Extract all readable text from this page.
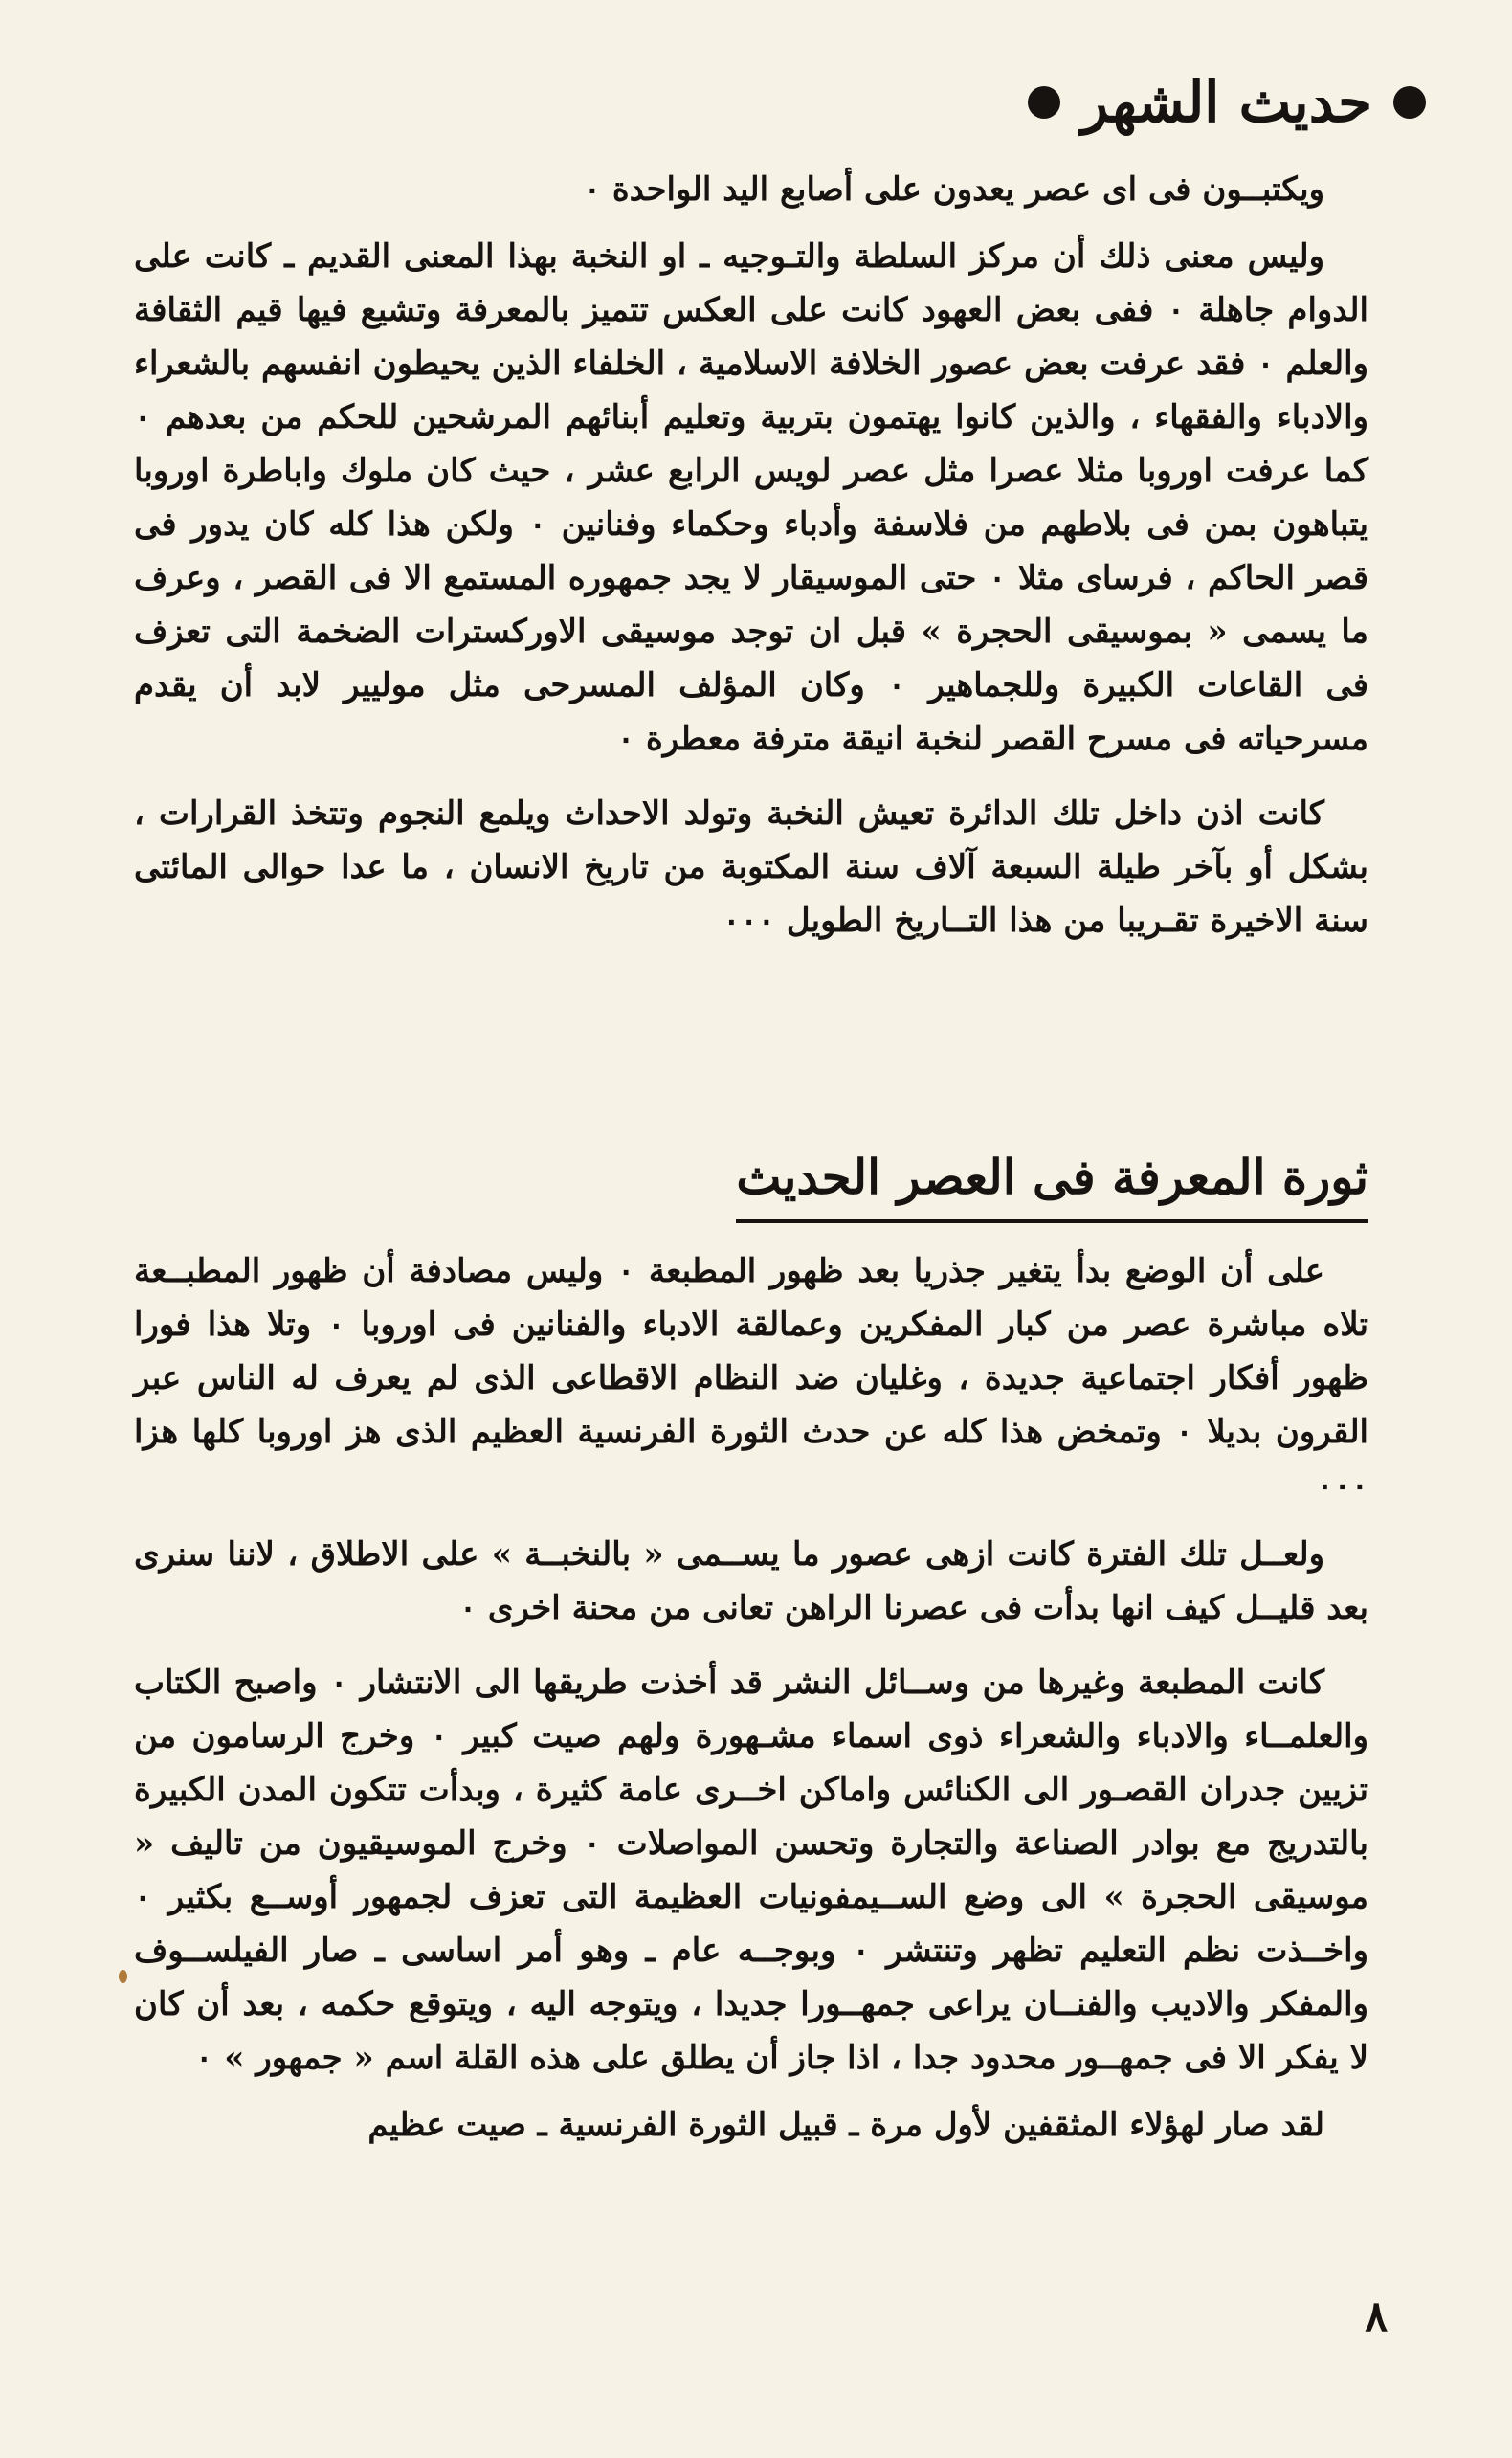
حديث الشهر

ويكتبــون فى اى عصر يعدون على أصابع اليد الواحدة ٠

وليس معنى ذلك أن مركز السلطة والتـوجيه ـ او النخبة بهذا المعنى القديم ـ كانت على الدوام جاهلة ٠ ففى بعض العهود كانت على العكس تتميز بالمعرفة وتشيع فيها قيم الثقافة والعلم ٠ فقد عرفت بعض عصور الخلافة الاسلامية ، الخلفاء الذين يحيطون انفسهم بالشعراء والادباء والفقهاء ، والذين كانوا يهتمون بتربية وتعليم أبنائهم المرشحين للحكم من بعدهم ٠ كما عرفت اوروبا مثلا عصرا مثل عصر لويس الرابع عشر ، حيث كان ملوك واباطرة اوروبا يتباهون بمن فى بلاطهم من فلاسفة وأدباء وحكماء وفنانين ٠ ولكن هذا كله كان يدور فى قصر الحاكم ، فرساى مثلا ٠ حتى الموسيقار لا يجد جمهوره المستمع الا فى القصر ، وعرف ما يسمى « بموسيقى الحجرة » قبل ان توجد موسيقى الاوركسترات الضخمة التى تعزف فى القاعات الكبيرة وللجماهير ٠ وكان المؤلف المسرحى مثل موليير لابد أن يقدم مسرحياته فى مسرح القصر لنخبة انيقة مترفة معطرة ٠

كانت اذن داخل تلك الدائرة تعيش النخبة وتولد الاحداث ويلمع النجوم وتتخذ القرارات ، بشكل أو بآخر طيلة السبعة آلاف سنة المكتوبة من تاريخ الانسان ، ما عدا حوالى المائتى سنة الاخيرة تقـريبا من هذا التــاريخ الطويل ٠٠٠

ثورة المعرفة فى العصر الحديث

على أن الوضع بدأ يتغير جذريا بعد ظهور المطبعة ٠ وليس مصادفة أن ظهور المطبــعة تلاه مباشرة عصر من كبار المفكرين وعمالقة الادباء والفنانين فى اوروبا ٠ وتلا هذا فورا ظهور أفكار اجتماعية جديدة ، وغليان ضد النظام الاقطاعى الذى لم يعرف له الناس عبر القرون بديلا ٠ وتمخض هذا كله عن حدث الثورة الفرنسية العظيم الذى هز اوروبا كلها هزا ٠٠٠

ولعــل تلك الفترة كانت ازهى عصور ما يســمى « بالنخبــة » على الاطلاق ، لاننا سنرى بعد قليــل كيف انها بدأت فى عصرنا الراهن تعانى من محنة اخرى ٠

كانت المطبعة وغيرها من وســائل النشر قد أخذت طريقها الى الانتشار ٠ واصبح الكتاب والعلمــاء والادباء والشعراء ذوى اسماء مشـهورة ولهم صيت كبير ٠ وخرج الرسامون من تزيين جدران القصـور الى الكنائس واماكن اخــرى عامة كثيرة ، وبدأت تتكون المدن الكبيرة بالتدريج مع بوادر الصناعة والتجارة وتحسن المواصلات ٠ وخرج الموسيقيون من تاليف « موسيقى الحجرة » الى وضع الســيمفونيات العظيمة التى تعزف لجمهور أوســع بكثير ٠ واخــذت نظم التعليم تظهر وتنتشر ٠ وبوجــه عام ـ وهو أمر اساسى ـ صار الفيلســوف والمفكر والاديب والفنــان يراعى جمهــورا جديدا ، ويتوجه اليه ، ويتوقع حكمه ، بعد أن كان لا يفكر الا فى جمهــور محدود جدا ، اذا جاز أن يطلق على هذه القلة اسم « جمهور » ٠

لقد صار لهؤلاء المثقفين لأول مرة ـ قبيل الثورة الفرنسية ـ صيت عظيم

٨
